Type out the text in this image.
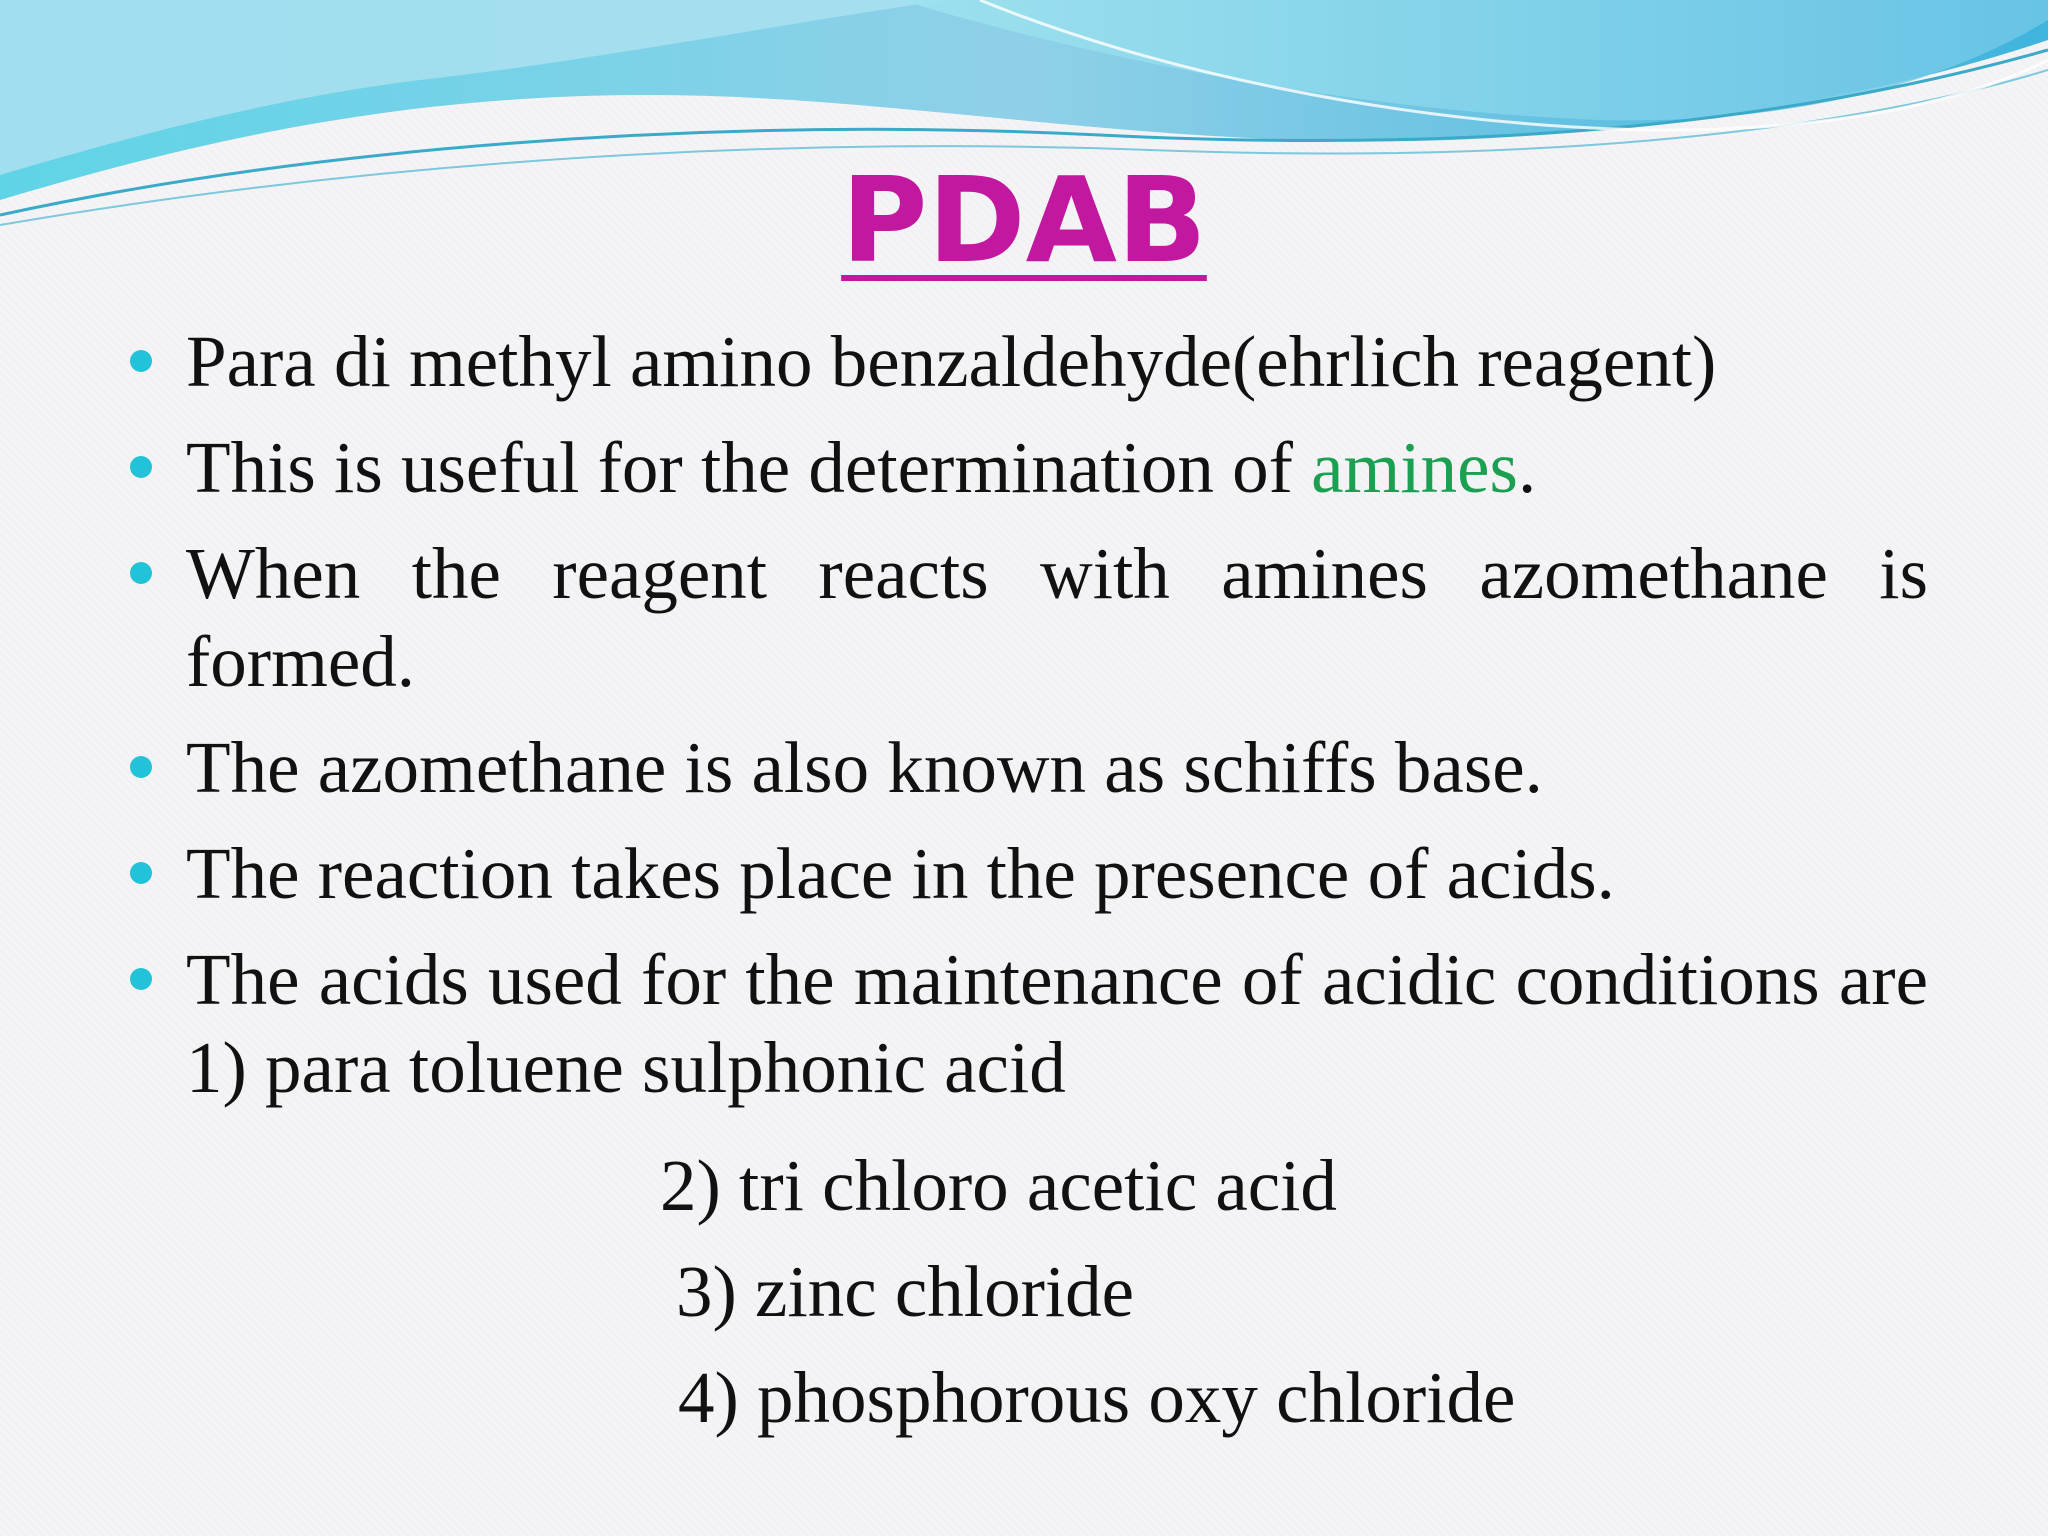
PDAB
Para di methyl amino benzaldehyde(ehrlich reagent)
This is useful for the determination of amines.
When the reagent reacts with amines azomethane is formed.
The azomethane is also known as schiffs base.
The reaction takes place in the presence of acids.
The acids used for the maintenance of acidic conditions are 1) para toluene sulphonic acid
2) tri chloro acetic acid
3) zinc chloride
4) phosphorous oxy chloride
